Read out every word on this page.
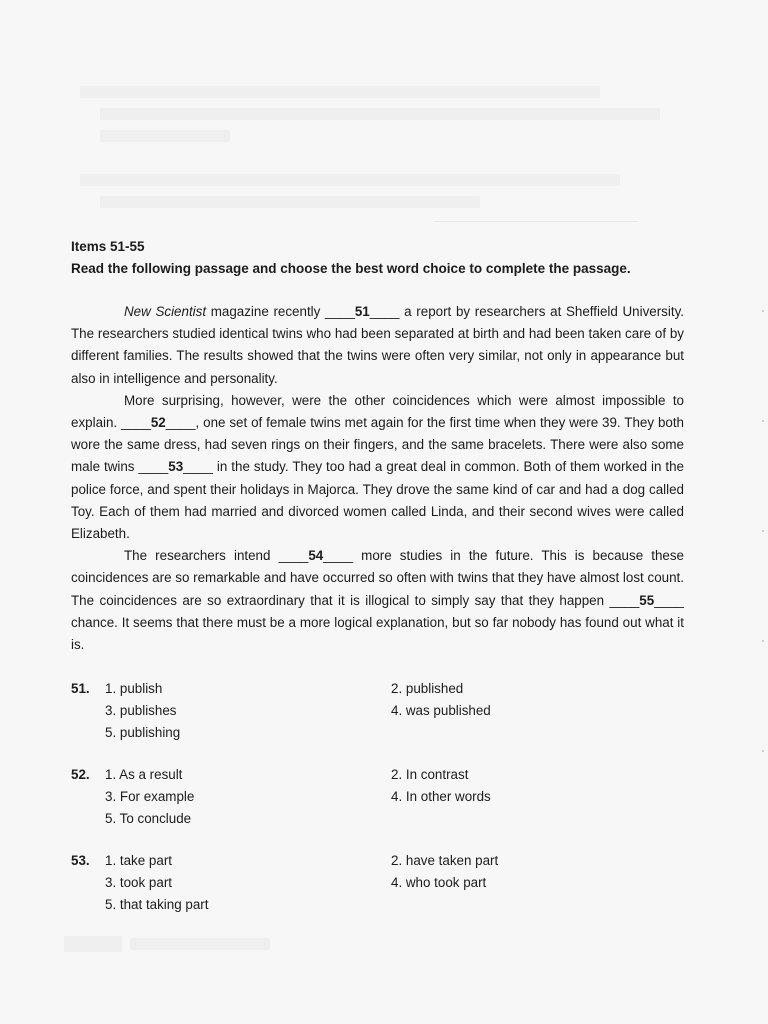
Items 51-55
Read the following passage and choose the best word choice to complete the passage.

New Scientist magazine recently ____51____ a report by researchers at Sheffield University. The researchers studied identical twins who had been separated at birth and had been taken care of by different families. The results showed that the twins were often very similar, not only in appearance but also in intelligence and personality.

More surprising, however, were the other coincidences which were almost impossible to explain. ____52____, one set of female twins met again for the first time when they were 39. They both wore the same dress, had seven rings on their fingers, and the same bracelets. There were also some male twins ____53____ in the study. They too had a great deal in common. Both of them worked in the police force, and spent their holidays in Majorca. They drove the same kind of car and had a dog called Toy. Each of them had married and divorced women called Linda, and their second wives were called Elizabeth.

The researchers intend ____54____ more studies in the future. This is because these coincidences are so remarkable and have occurred so often with twins that they have almost lost count. The coincidences are so extraordinary that it is illogical to simply say that they happen ____55____ chance. It seems that there must be a more logical explanation, but so far nobody has found out what it is.

51. 1. publish	2. published
3. publishes	4. was published
5. publishing
52. 1. As a result	2. In contrast
3. For example	4. In other words
5. To conclude
53. 1. take part	2. have taken part
3. took part	4. who took part
5. that taking part
